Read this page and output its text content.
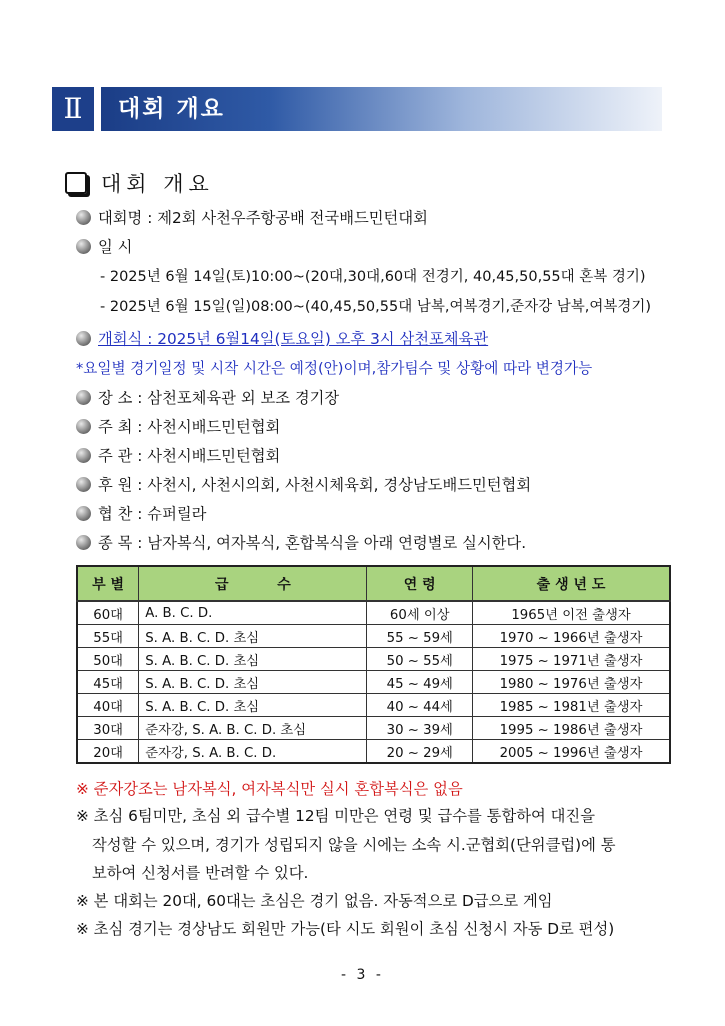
Ⅱ	대회 개요
대회 개요
대회명 : 제2회 사천우주항공배 전국배드민턴대회
일 시
- 2025년 6월 14일(토)10:00~(20대,30대,60대 전경기, 40,45,50,55대 혼복 경기)
- 2025년 6월 15일(일)08:00~(40,45,50,55대 남복,여복경기,준자강 남복,여복경기)
개회식 : 2025년 6월14일(토요일) 오후 3시 삼천포체육관
*요일별 경기일정 및 시작 시간은 예정(안)이며,참가팀수 및 상황에 따라 변경가능
장 소 : 삼천포체육관 외 보조 경기장
주 최 : 사천시배드민턴협회
주 관 : 사천시배드민턴협회
후 원 : 사천시, 사천시의회, 사천시체육회, 경상남도배드민턴협회
협 찬 : 슈퍼릴라
종 목 : 남자복식, 여자복식, 혼합복식을 아래 연령별로 실시한다.
부 별	급          수	연 령	출 생 년 도
60대	A. B. C. D.	60세 이상	1965년 이전 출생자
55대	S. A. B. C. D. 초심	55 ~ 59세	1970 ~ 1966년 출생자
50대	S. A. B. C. D. 초심	50 ~ 55세	1975 ~ 1971년 출생자
45대	S. A. B. C. D. 초심	45 ~ 49세	1980 ~ 1976년 출생자
40대	S. A. B. C. D. 초심	40 ~ 44세	1985 ~ 1981년 출생자
30대	준자강, S. A. B. C. D. 초심	30 ~ 39세	1995 ~ 1986년 출생자
20대	준자강, S. A. B. C. D.	20 ~ 29세	2005 ~ 1996년 출생자
※ 준자강조는 남자복식, 여자복식만 실시 혼합복식은 없음
※ 초심 6팀미만, 초심 외 급수별 12팀 미만은 연령 및 급수를 통합하여 대진을
작성할 수 있으며, 경기가 성립되지 않을 시에는 소속 시.군협회(단위클럽)에 통
보하여 신청서를 반려할 수 있다.
※ 본 대회는 20대, 60대는 초심은 경기 없음. 자동적으로 D급으로 게임
※ 초심 경기는 경상남도 회원만 가능(타 시도 회원이 초심 신청시 자동 D로 편성)
- 3 -
